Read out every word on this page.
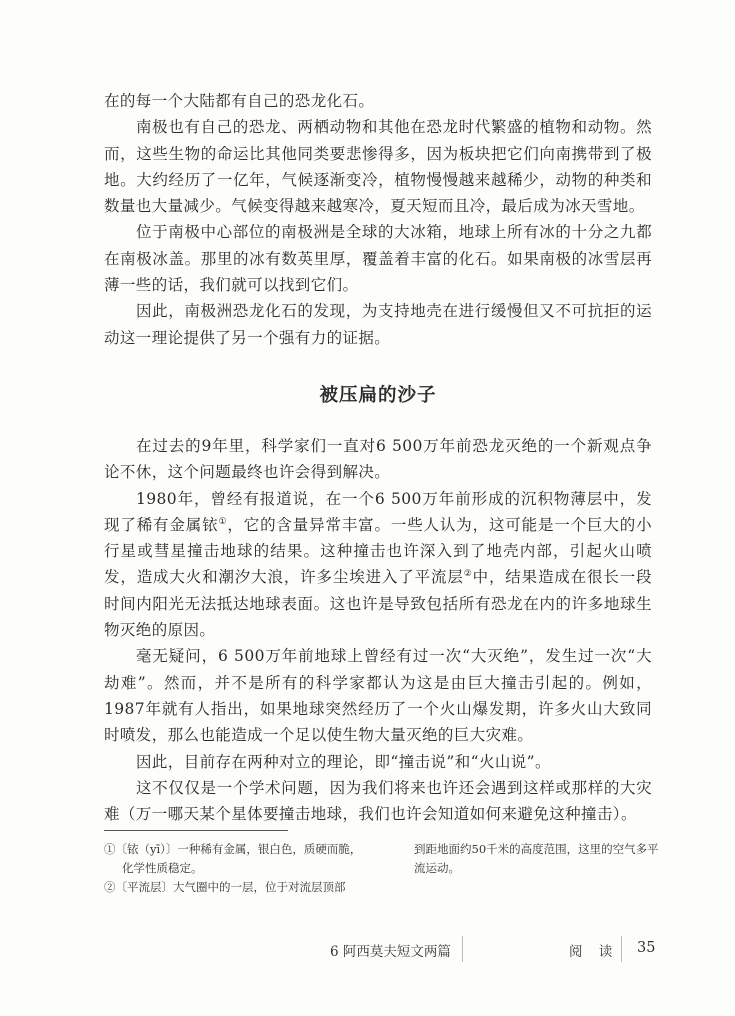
在的每一个大陆都有自己的恐龙化石。

南极也有自己的恐龙、两栖动物和其他在恐龙时代繁盛的植物和动物。然而，这些生物的命运比其他同类要悲惨得多，因为板块把它们向南携带到了极地。大约经历了一亿年，气候逐渐变冷，植物慢慢越来越稀少，动物的种类和数量也大量减少。气候变得越来越寒冷，夏天短而且冷，最后成为冰天雪地。

位于南极中心部位的南极洲是全球的大冰箱，地球上所有冰的十分之九都在南极冰盖。那里的冰有数英里厚，覆盖着丰富的化石。如果南极的冰雪层再薄一些的话，我们就可以找到它们。

因此，南极洲恐龙化石的发现，为支持地壳在进行缓慢但又不可抗拒的运动这一理论提供了另一个强有力的证据。

被压扁的沙子

在过去的9年里，科学家们一直对6 500万年前恐龙灭绝的一个新观点争论不休，这个问题最终也许会得到解决。

1980年，曾经有报道说，在一个6 500万年前形成的沉积物薄层中，发现了稀有金属铱①，它的含量异常丰富。一些人认为，这可能是一个巨大的小行星或彗星撞击地球的结果。这种撞击也许深入到了地壳内部，引起火山喷发，造成大火和潮汐大浪，许多尘埃进入了平流层②中，结果造成在很长一段时间内阳光无法抵达地球表面。这也许是导致包括所有恐龙在内的许多地球生物灭绝的原因。

毫无疑问，6 500万年前地球上曾经有过一次“大灭绝”，发生过一次“大劫难”。然而，并不是所有的科学家都认为这是由巨大撞击引起的。例如，1987年就有人指出，如果地球突然经历了一个火山爆发期，许多火山大致同时喷发，那么也能造成一个足以使生物大量灭绝的巨大灾难。

因此，目前存在两种对立的理论，即“撞击说”和“火山说”。

这不仅仅是一个学术问题，因为我们将来也许还会遇到这样或那样的大灾难（万一哪天某个星体要撞击地球，我们也许会知道如何来避免这种撞击）。

①〔铱（yī）〕一种稀有金属，银白色，质硬而脆，化学性质稳定。

②〔平流层〕大气圈中的一层，位于对流层顶部

到距地面约50千米的高度范围，这里的空气多平流运动。

6 阿西莫夫短文两篇	阅 读 35
